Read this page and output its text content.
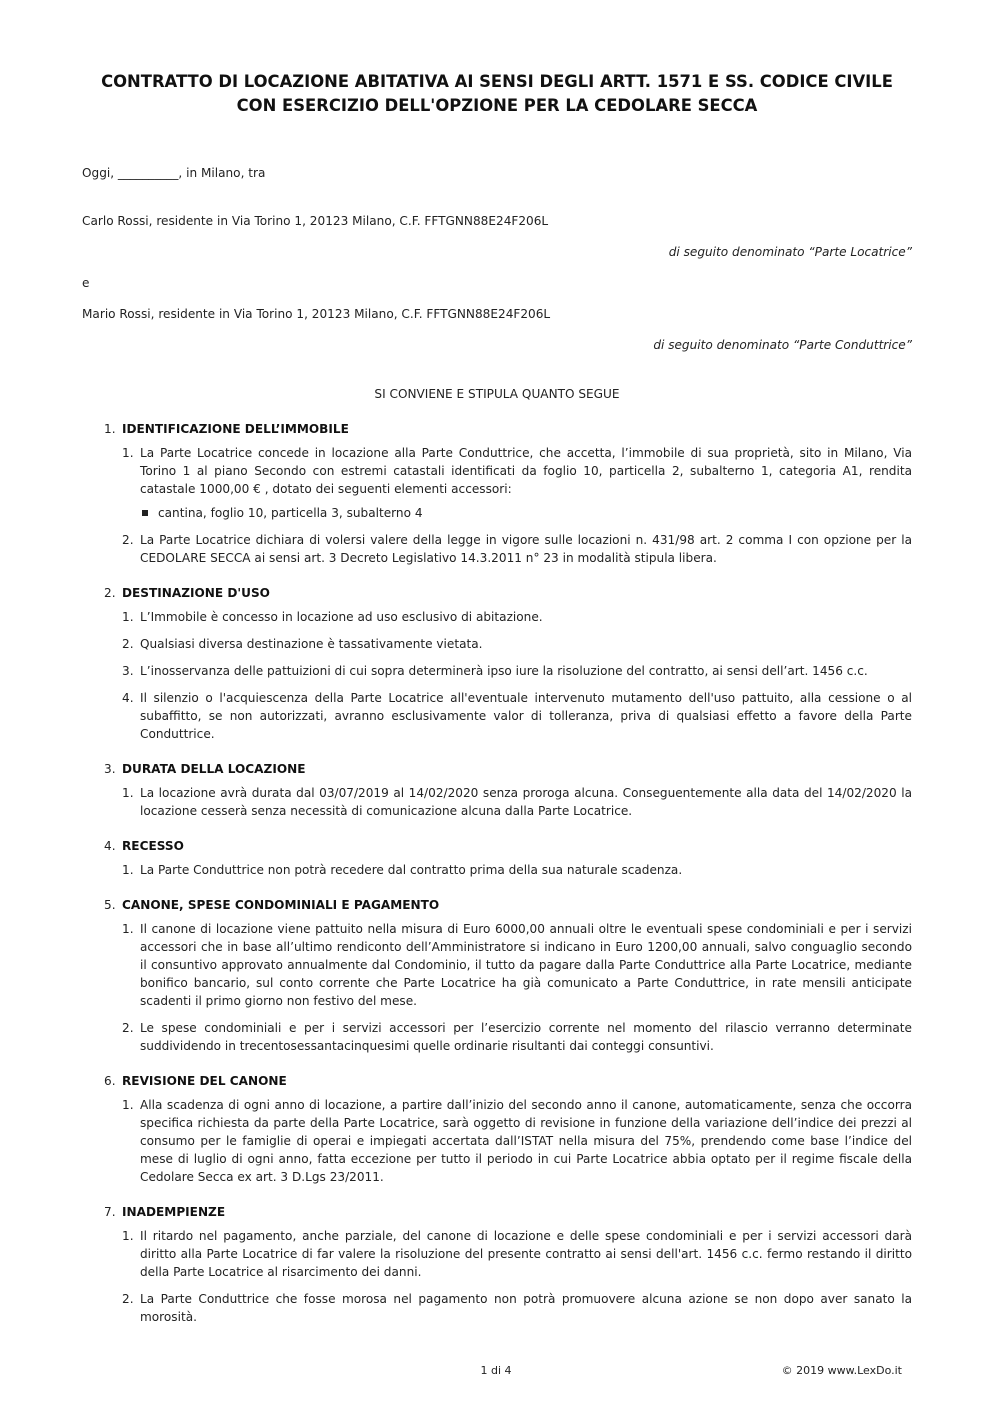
CONTRATTO DI LOCAZIONE ABITATIVA AI SENSI DEGLI ARTT. 1571 E SS. CODICE CIVILE

CON ESERCIZIO DELL'OPZIONE PER LA CEDOLARE SECCA

Oggi, __________, in Milano, tra

Carlo Rossi, residente in Via Torino 1, 20123 Milano, C.F. FFTGNN88E24F206L

di seguito denominato “Parte Locatrice”

e

Mario Rossi, residente in Via Torino 1, 20123 Milano, C.F. FFTGNN88E24F206L

di seguito denominato “Parte Conduttrice”

SI CONVIENE E STIPULA QUANTO SEGUE

1. IDENTIFICAZIONE DELL’IMMOBILE
1. La Parte Locatrice concede in locazione alla Parte Conduttrice, che accetta, l’immobile di sua proprietà, sito in Milano, Via Torino 1 al piano Secondo con estremi catastali identificati da foglio 10, particella 2, subalterno 1, categoria A1, rendita catastale 1000,00 € , dotato dei seguenti elementi accessori:
cantina, foglio 10, particella 3, subalterno 4
2. La Parte Locatrice dichiara di volersi valere della legge in vigore sulle locazioni n. 431/98 art. 2 comma I con opzione per la CEDOLARE SECCA ai sensi art. 3 Decreto Legislativo 14.3.2011 n° 23 in modalità stipula libera.
2. DESTINAZIONE D'USO
1. L’Immobile è concesso in locazione ad uso esclusivo di abitazione.
2. Qualsiasi diversa destinazione è tassativamente vietata.
3. L’inosservanza delle pattuizioni di cui sopra determinerà ipso iure la risoluzione del contratto, ai sensi dell’art. 1456 c.c.
4. Il silenzio o l'acquiescenza della Parte Locatrice all'eventuale intervenuto mutamento dell'uso pattuito, alla cessione o al subaffitto, se non autorizzati, avranno esclusivamente valor di tolleranza, priva di qualsiasi effetto a favore della Parte Conduttrice.
3. DURATA DELLA LOCAZIONE
1. La locazione avrà durata dal 03/07/2019 al 14/02/2020 senza proroga alcuna. Conseguentemente alla data del 14/02/2020 la locazione cesserà senza necessità di comunicazione alcuna dalla Parte Locatrice.
4. RECESSO
1. La Parte Conduttrice non potrà recedere dal contratto prima della sua naturale scadenza.
5. CANONE, SPESE CONDOMINIALI E PAGAMENTO
1. Il canone di locazione viene pattuito nella misura di Euro 6000,00 annuali oltre le eventuali spese condominiali e per i servizi accessori che in base all’ultimo rendiconto dell’Amministratore si indicano in Euro 1200,00 annuali, salvo conguaglio secondo il consuntivo approvato annualmente dal Condominio, il tutto da pagare dalla Parte Conduttrice alla Parte Locatrice, mediante bonifico bancario, sul conto corrente che Parte Locatrice ha già comunicato a Parte Conduttrice, in rate mensili anticipate scadenti il primo giorno non festivo del mese.
2. Le spese condominiali e per i servizi accessori per l’esercizio corrente nel momento del rilascio verranno determinate suddividendo in trecentosessantacinquesimi quelle ordinarie risultanti dai conteggi consuntivi.
6. REVISIONE DEL CANONE
1. Alla scadenza di ogni anno di locazione, a partire dall’inizio del secondo anno il canone, automaticamente, senza che occorra specifica richiesta da parte della Parte Locatrice, sarà oggetto di revisione in funzione della variazione dell’indice dei prezzi al consumo per le famiglie di operai e impiegati accertata dall’ISTAT nella misura del 75%, prendendo come base l’indice del mese di luglio di ogni anno, fatta eccezione per tutto il periodo in cui Parte Locatrice abbia optato per il regime fiscale della Cedolare Secca ex art. 3 D.Lgs 23/2011.
7. INADEMPIENZE
1. Il ritardo nel pagamento, anche parziale, del canone di locazione e delle spese condominiali e per i servizi accessori darà diritto alla Parte Locatrice di far valere la risoluzione del presente contratto ai sensi dell'art. 1456 c.c. fermo restando il diritto della Parte Locatrice al risarcimento dei danni.
2. La Parte Conduttrice che fosse morosa nel pagamento non potrà promuovere alcuna azione se non dopo aver sanato la morosità.
1 di 4	© 2019 www.LexDo.it
